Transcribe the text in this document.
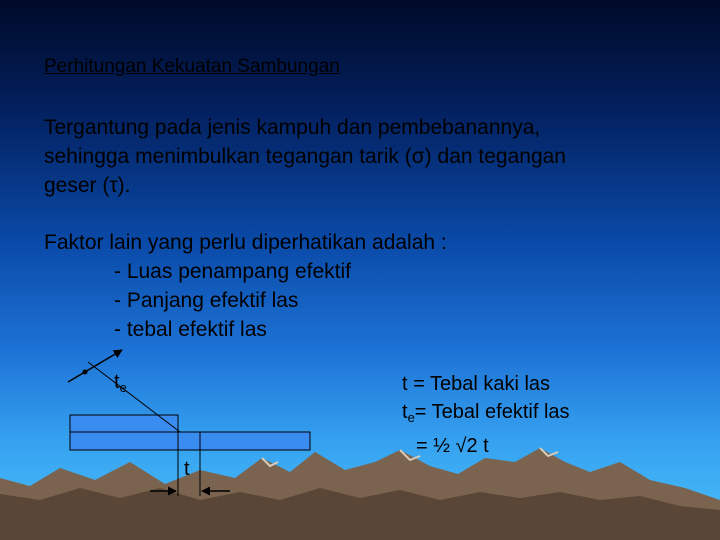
Perhitungan Kekuatan Sambungan
Tergantung pada jenis kampuh dan pembebanannya,
sehingga menimbulkan tegangan tarik (σ) dan tegangan
geser (τ).
Faktor lain yang perlu diperhatikan adalah :
- Luas penampang efektif
- Panjang efektif las
- tebal efektif las
$t_e$
t
t = Tebal kaki las
$t_e=$ Tebal efektif las
= ½ √2 t
